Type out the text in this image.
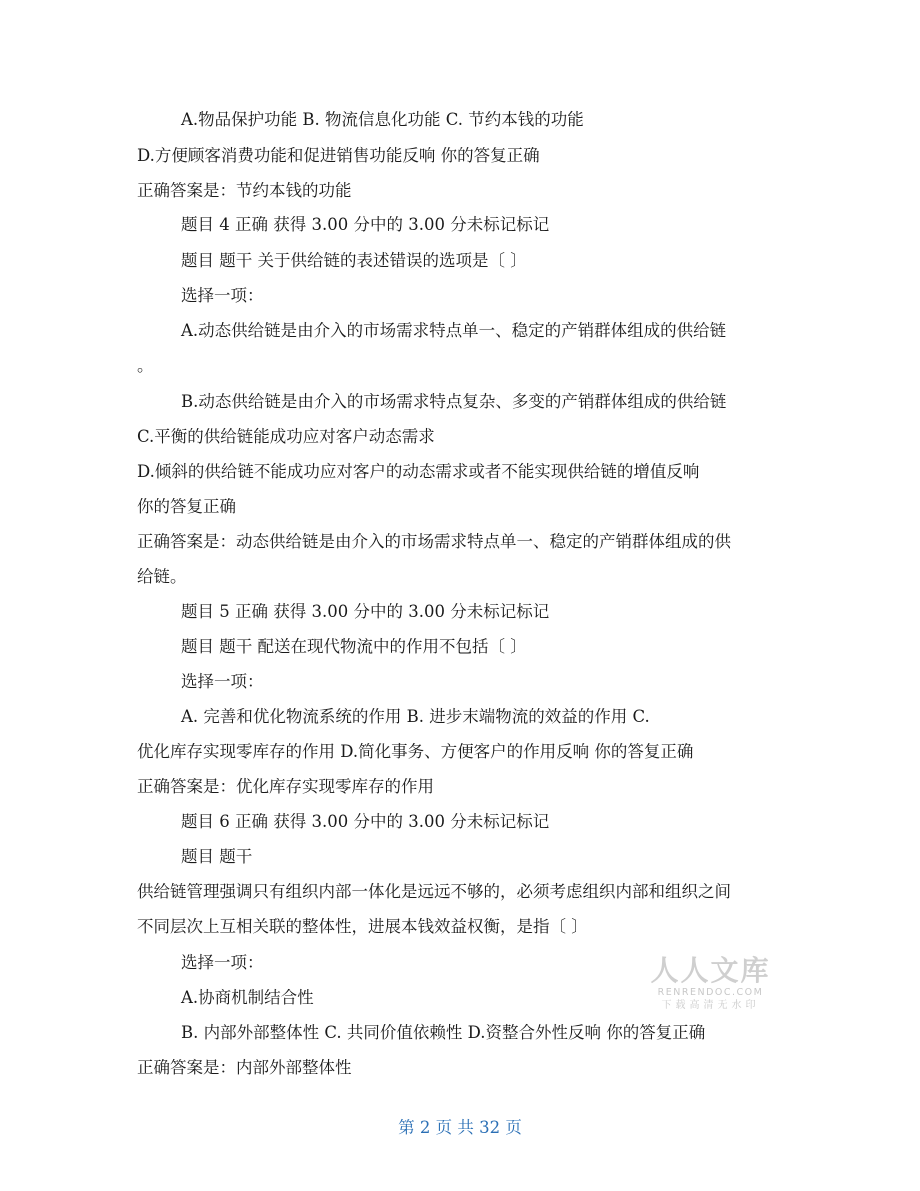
A.物品保护功能 B. 物流信息化功能 C. 节约本钱的功能
D.方便顾客消费功能和促进销售功能反响 你的答复正确
正确答案是：节约本钱的功能
题目 4 正确 获得 3.00 分中的 3.00 分未标记标记
题目 题干 关于供给链的表述错误的选项是〔 〕
选择一项：
A.动态供给链是由介入的市场需求特点单一、稳定的产销群体组成的供给链
。
B.动态供给链是由介入的市场需求特点复杂、多变的产销群体组成的供给链
C.平衡的供给链能成功应对客户动态需求
D.倾斜的供给链不能成功应对客户的动态需求或者不能实现供给链的增值反响
你的答复正确
正确答案是：动态供给链是由介入的市场需求特点单一、稳定的产销群体组成的供
给链。
题目 5 正确 获得 3.00 分中的 3.00 分未标记标记
题目 题干 配送在现代物流中的作用不包括〔 〕
选择一项：
A. 完善和优化物流系统的作用 B. 进步末端物流的效益的作用 C.
优化库存实现零库存的作用 D.简化事务、方便客户的作用反响 你的答复正确
正确答案是：优化库存实现零库存的作用
题目 6 正确 获得 3.00 分中的 3.00 分未标记标记
题目 题干
供给链管理强调只有组织内部一体化是远远不够的，必须考虑组织内部和组织之间
不同层次上互相关联的整体性，进展本钱效益权衡，是指〔 〕
选择一项：
A.协商机制结合性
B. 内部外部整体性 C. 共同价值依赖性 D.资整合外性反响 你的答复正确
正确答案是：内部外部整体性
人人文库
RENRENDOC.COM
下载高清无水印
第 2 页 共 32 页
